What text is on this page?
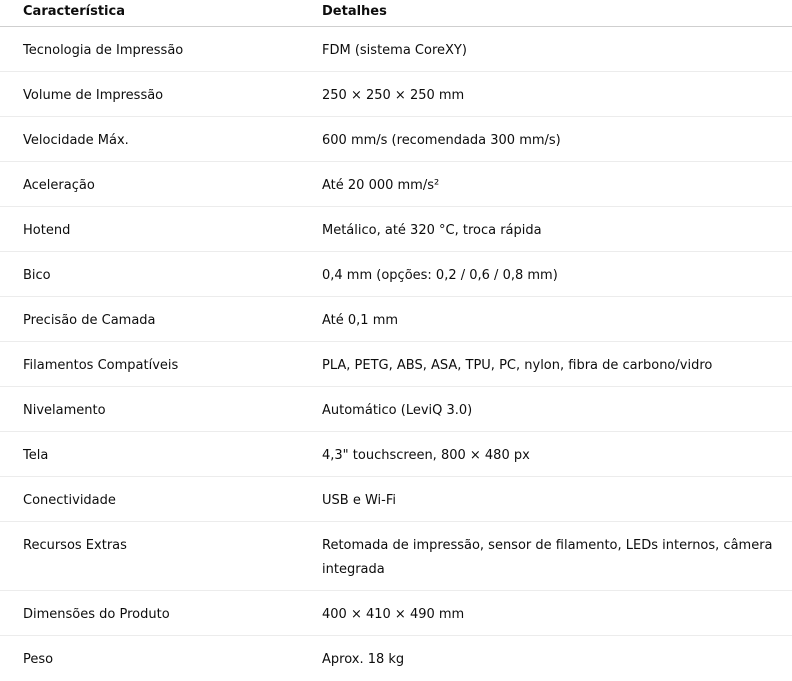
Característica	Detalhes
Tecnologia de Impressão	FDM (sistema CoreXY)
Volume de Impressão	250 × 250 × 250 mm
Velocidade Máx.	600 mm/s (recomendada 300 mm/s)
Aceleração	Até 20 000 mm/s²
Hotend	Metálico, até 320 °C, troca rápida
Bico	0,4 mm (opções: 0,2 / 0,6 / 0,8 mm)
Precisão de Camada	Até 0,1 mm
Filamentos Compatíveis	PLA, PETG, ABS, ASA, TPU, PC, nylon, fibra de carbono/vidro
Nivelamento	Automático (LeviQ 3.0)
Tela	4,3" touchscreen, 800 × 480 px
Conectividade	USB e Wi-Fi
Recursos Extras	Retomada de impressão, sensor de filamento, LEDs internos, câmera integrada
Dimensões do Produto	400 × 410 × 490 mm
Peso	Aprox. 18 kg
